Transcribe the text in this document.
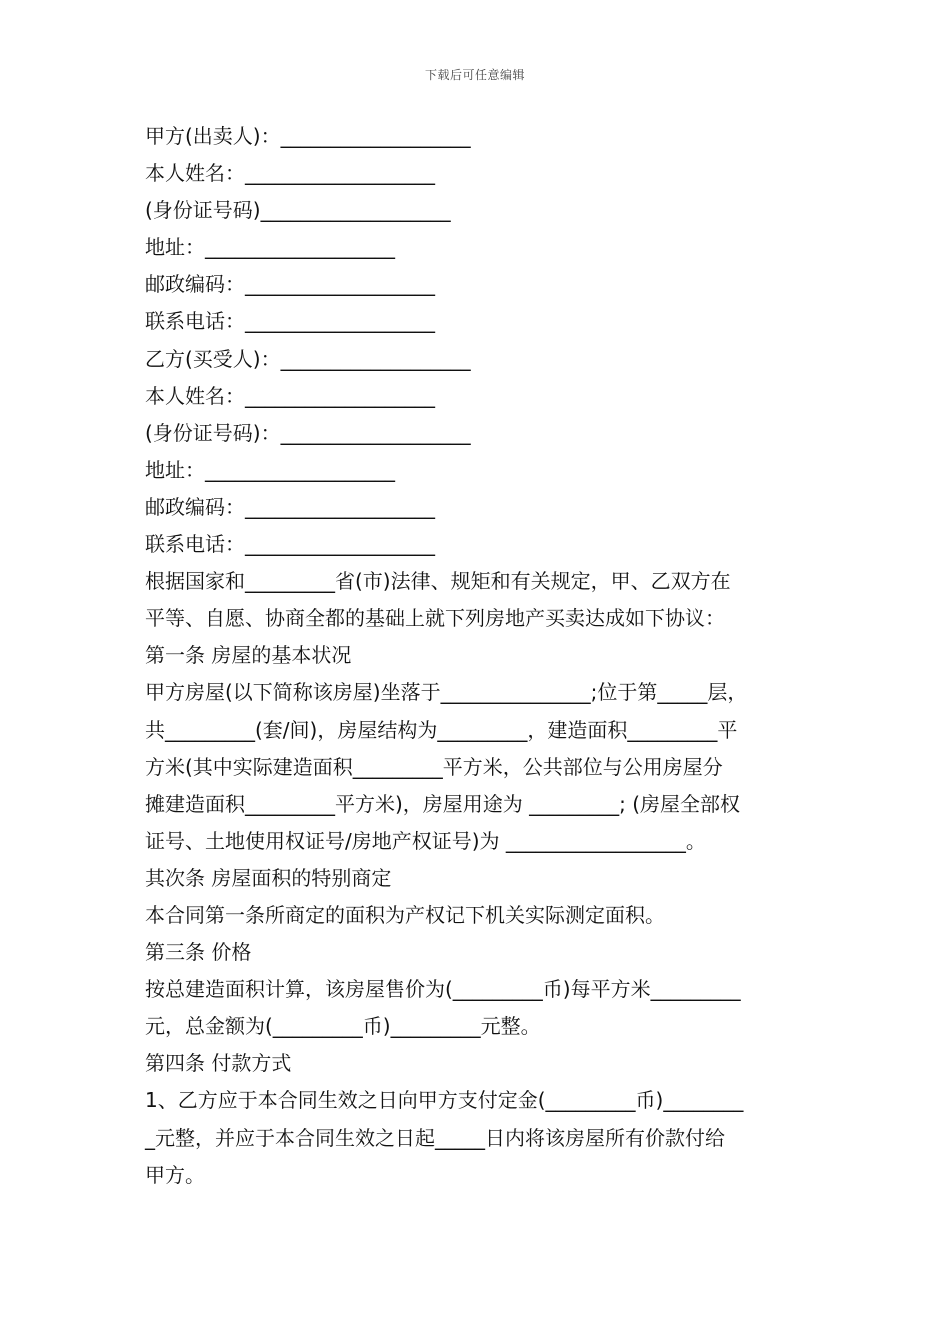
下载后可任意编辑

甲方(出卖人)：___________________

本人姓名：___________________

(身份证号码)___________________

地址：___________________

邮政编码：___________________

联系电话：___________________

乙方(买受人)：___________________

本人姓名：___________________

(身份证号码)：___________________

地址：___________________

邮政编码：___________________

联系电话：___________________

根据国家和_________省(市)法律、规矩和有关规定，甲、乙双方在

平等、自愿、协商全都的基础上就下列房地产买卖达成如下协议：

第一条 房屋的基本状况

甲方房屋(以下简称该房屋)坐落于_______________;位于第_____层，

共_________(套/间)，房屋结构为_________，建造面积_________平

方米(其中实际建造面积_________平方米，公共部位与公用房屋分

摊建造面积_________平方米)，房屋用途为 _________; (房屋全部权

证号、土地使用权证号/房地产权证号)为 __________________。

其次条 房屋面积的特别商定

本合同第一条所商定的面积为产权记下机关实际测定面积。

第三条 价格

按总建造面积计算，该房屋售价为(_________币)每平方米_________

元，总金额为(_________币)_________元整。

第四条 付款方式

1、乙方应于本合同生效之日向甲方支付定金(_________币)________

_元整，并应于本合同生效之日起_____日内将该房屋所有价款付给

甲方。
